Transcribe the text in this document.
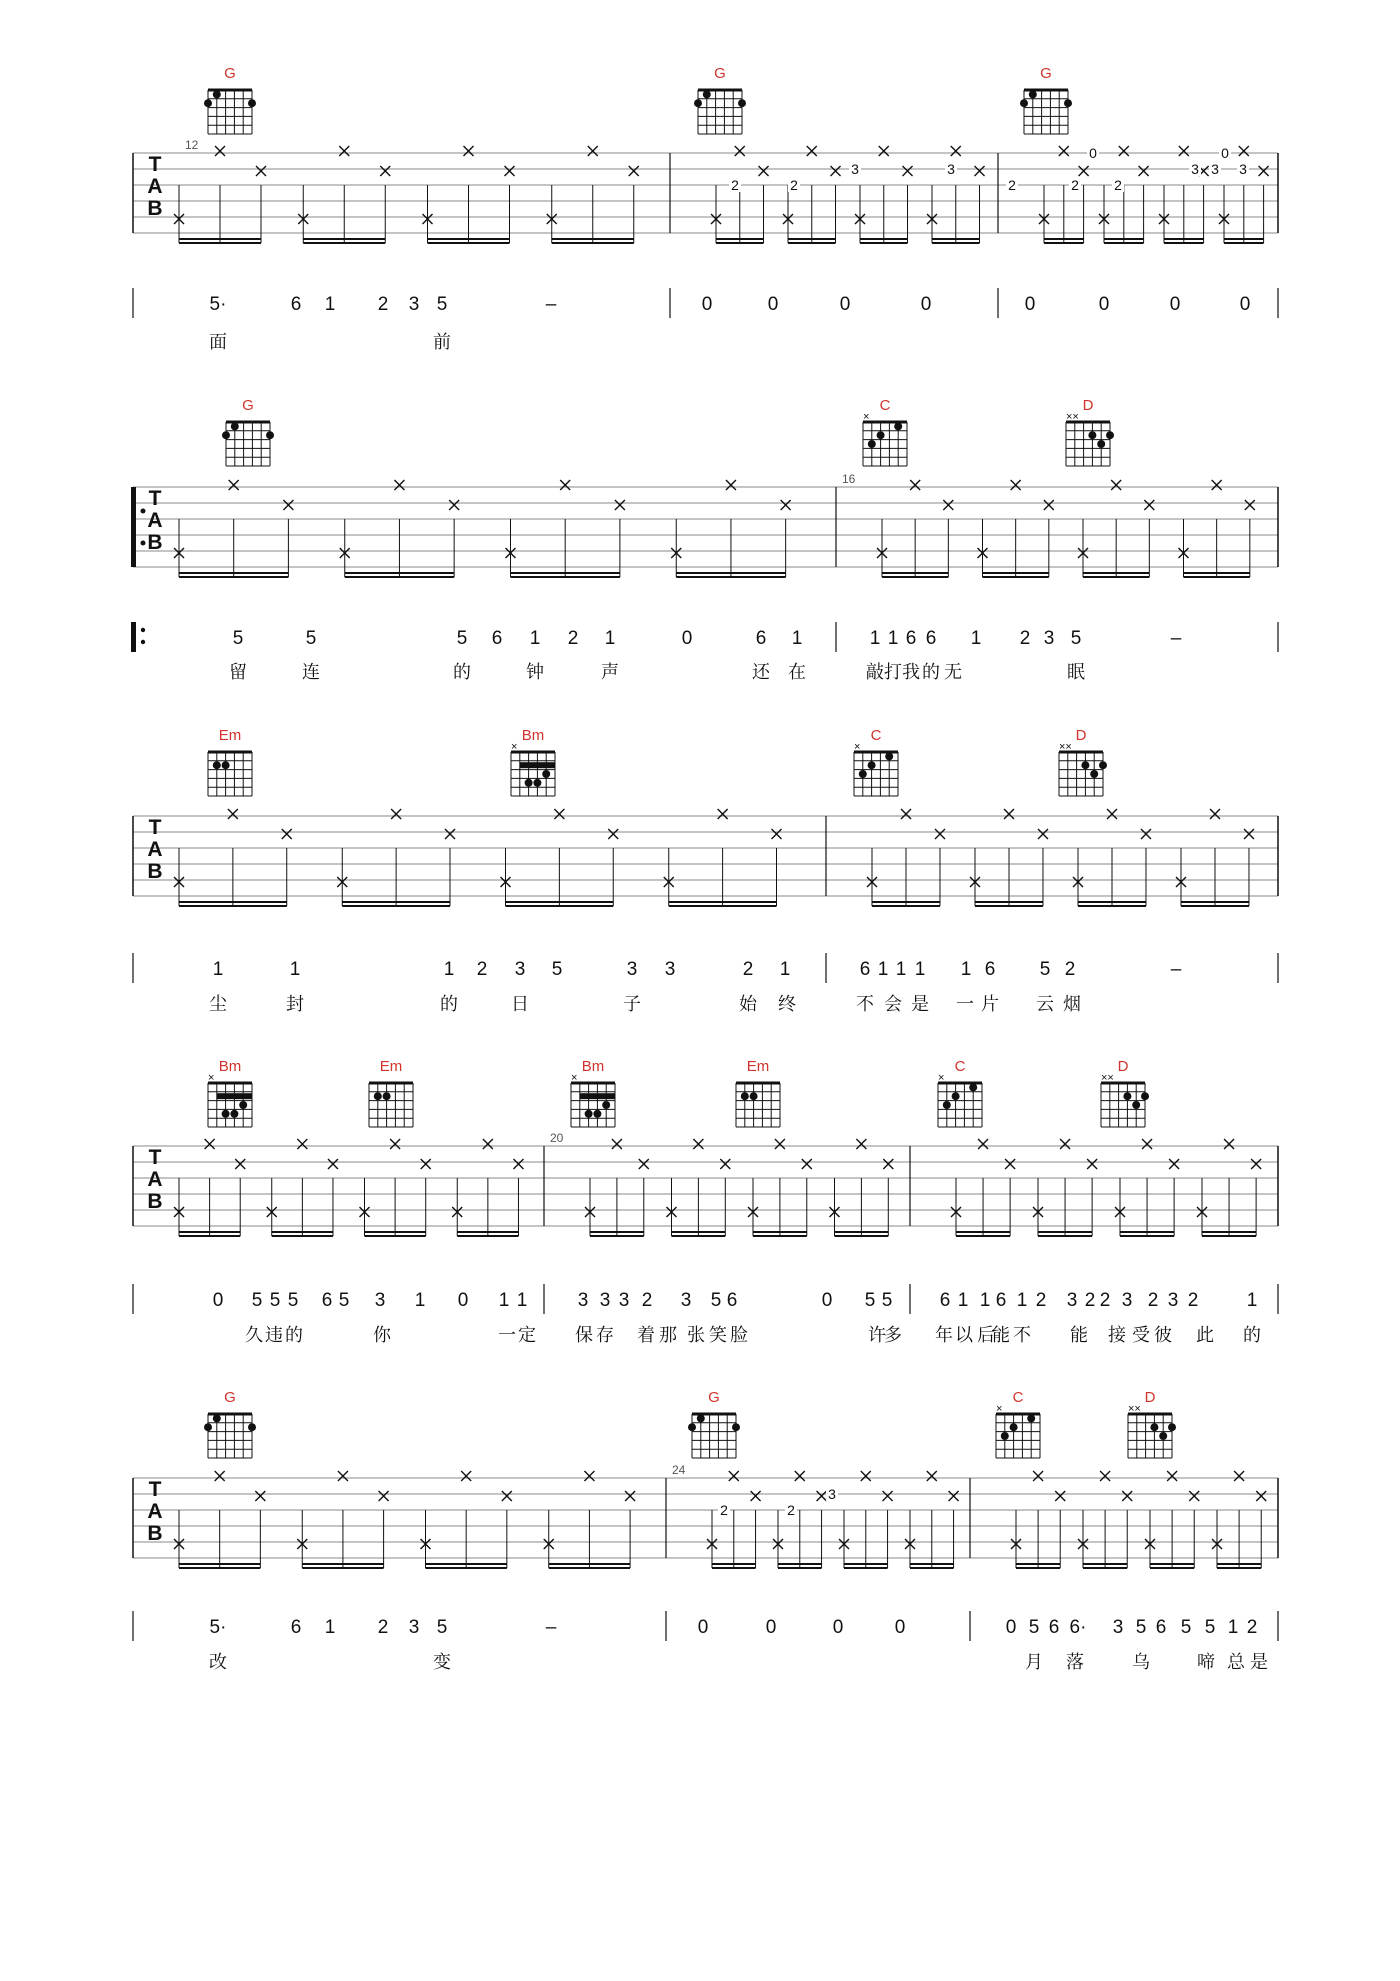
G	G	G
T
A
B
12
2	2
3	3
2	2
0
2
3
0
3	3
5·	6 1 2 3 5	–	0	0	0	0	0	0	0	0
面	前
G	C
×
D
××
T
A
B
16
5	5	5 6 1 2 1	0	6 1	1 1 6 6 1 2 3 5	–
留	连	的	钟	声	还 在	敲 打 我 的 无	眠
Em	Bm
×
C
×
D
××
T
A
B
1	1	1 2 3 5	3 3	2 1	6 1 1 1 1 6 5 2	–
尘	封	的	日	子	始 终	不 会 是 一 片 云 烟
Bm
×
Em	Bm
×
Em	C
×
D
××
T
A
B
20
0 5 5 5 6 5 3 1 0 1 1	3 3 3 2 3 5 6	0 5 5 6 1 1 6 1 2 3 2 2 3 2 3 2	1
久 违 的	你	一 定 保 存 着 那 张 笑 脸	许
多 年 以 后
能 不 能 接 受 彼 此 的
G	G	C
×
D
××
T
A
B
24
2	2
3
5·	6 1 2 3 5	–	0	0	0	0	0 5 6 6· 3 5 6 5 5 1 2
改	变	月 落	乌	啼 总 是
